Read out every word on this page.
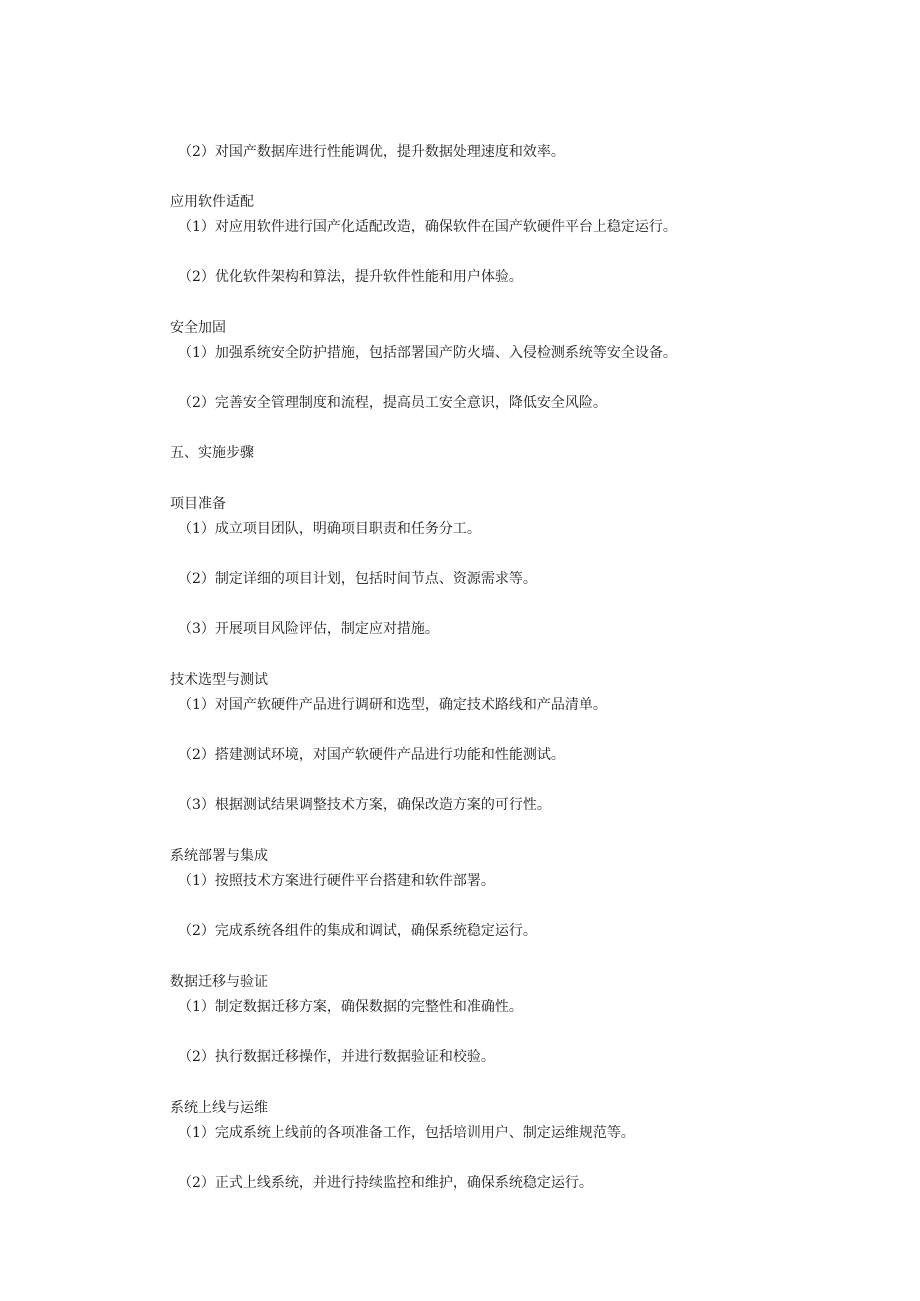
（2）对国产数据库进行性能调优，提升数据处理速度和效率。
应用软件适配
（1）对应用软件进行国产化适配改造，确保软件在国产软硬件平台上稳定运行。
（2）优化软件架构和算法，提升软件性能和用户体验。
安全加固
（1）加强系统安全防护措施，包括部署国产防火墙、入侵检测系统等安全设备。
（2）完善安全管理制度和流程，提高员工安全意识，降低安全风险。
五、实施步骤
项目准备
（1）成立项目团队，明确项目职责和任务分工。
（2）制定详细的项目计划，包括时间节点、资源需求等。
（3）开展项目风险评估，制定应对措施。
技术选型与测试
（1）对国产软硬件产品进行调研和选型，确定技术路线和产品清单。
（2）搭建测试环境，对国产软硬件产品进行功能和性能测试。
（3）根据测试结果调整技术方案，确保改造方案的可行性。
系统部署与集成
（1）按照技术方案进行硬件平台搭建和软件部署。
（2）完成系统各组件的集成和调试，确保系统稳定运行。
数据迁移与验证
（1）制定数据迁移方案，确保数据的完整性和准确性。
（2）执行数据迁移操作，并进行数据验证和校验。
系统上线与运维
（1）完成系统上线前的各项准备工作，包括培训用户、制定运维规范等。
（2）正式上线系统，并进行持续监控和维护，确保系统稳定运行。
